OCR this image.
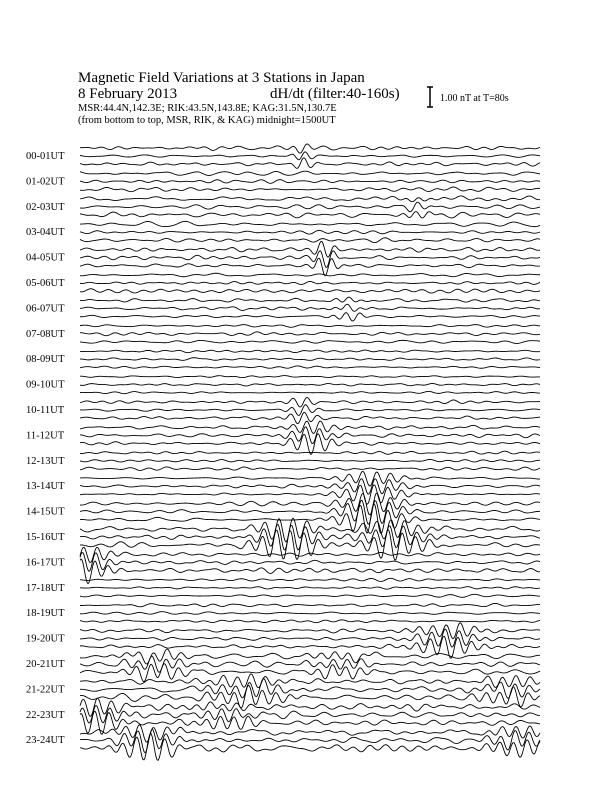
Magnetic Field Variations at 3 Stations in Japan
8 February 2013	dH/dt (filter:40-160s)
MSR:44.4N,142.3E; RIK:43.5N,143.8E; KAG:31.5N,130.7E
(from bottom to top, MSR, RIK, & KAG) midnight=1500UT
1.00 nT at T=80s
00-01UT
01-02UT
02-03UT
03-04UT
04-05UT
05-06UT
06-07UT
07-08UT
08-09UT
09-10UT
10-11UT
11-12UT
12-13UT
13-14UT
14-15UT
15-16UT
16-17UT
17-18UT
18-19UT
19-20UT
20-21UT
21-22UT
22-23UT
23-24UT
